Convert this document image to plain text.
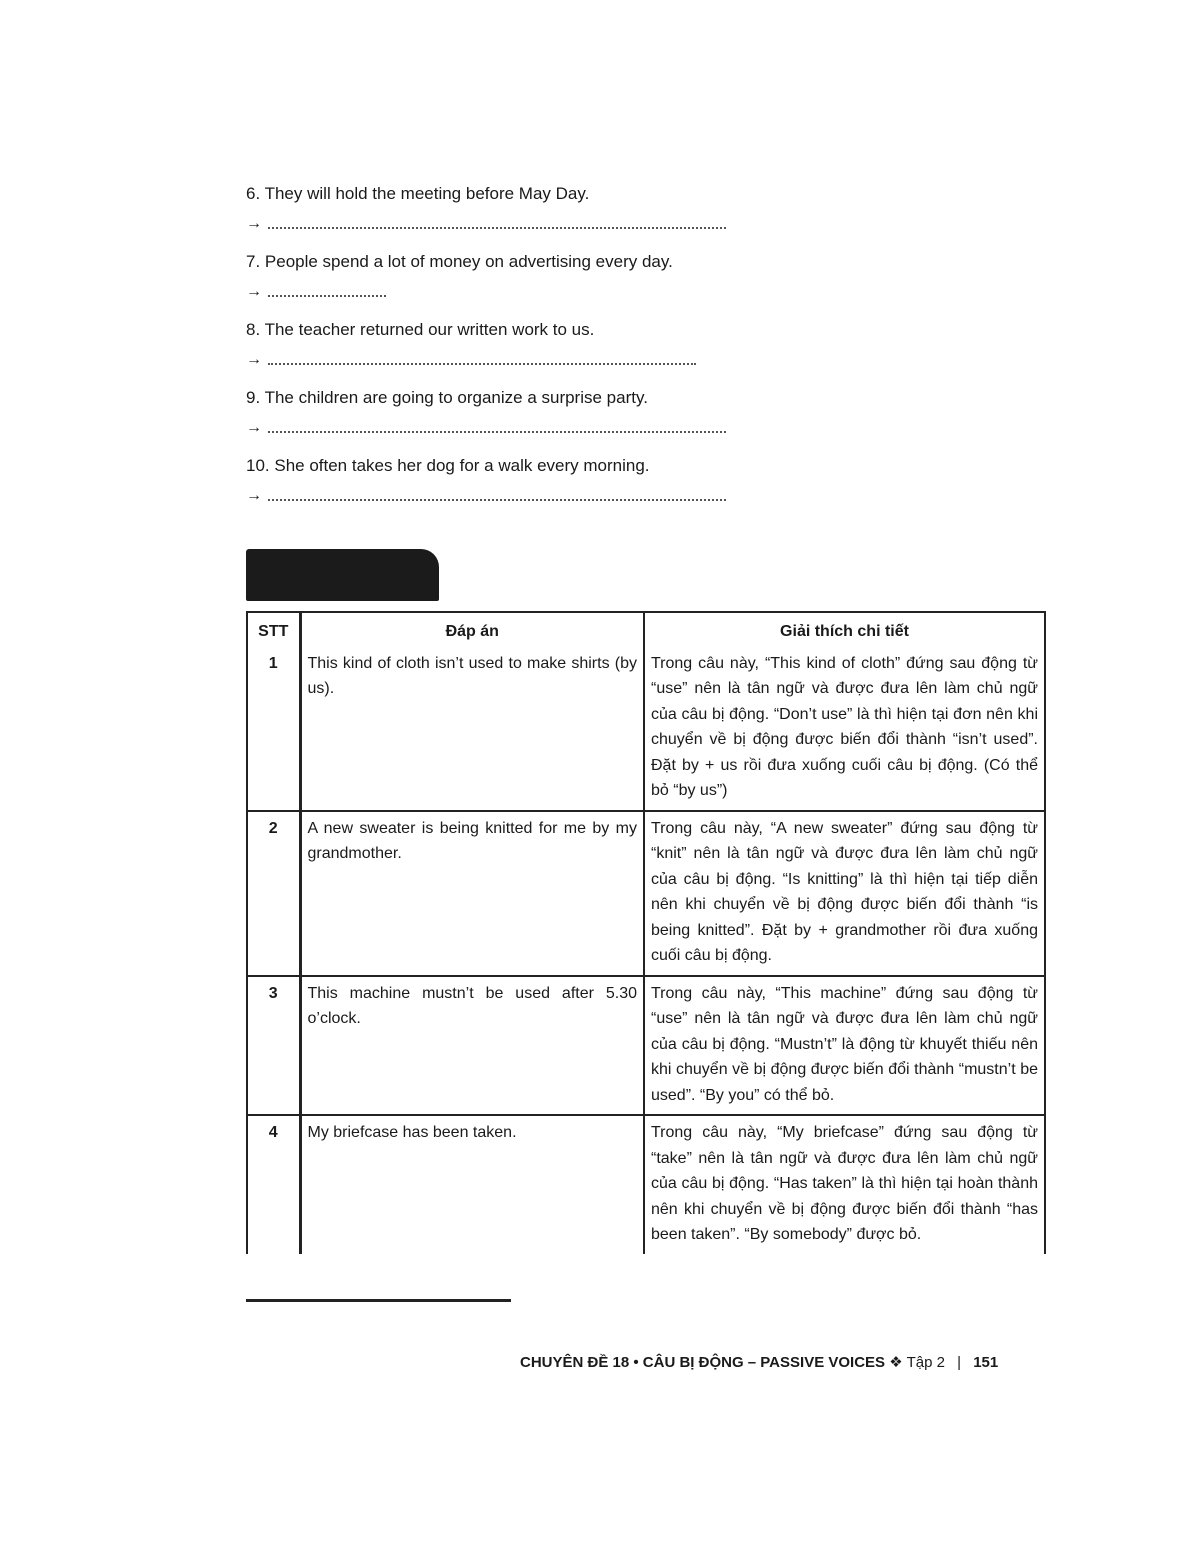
6. They will hold the meeting before May Day.
→
7. People spend a lot of money on advertising every day.
→
8. The teacher returned our written work to us.
→
9. The children are going to organize a surprise party.
→
10. She often takes her dog for a walk every morning.
→
STT	Đáp án	Giải thích chi tiết
1	This kind of cloth isn’t used to make shirts (by us).	Trong câu này, “This kind of cloth” đứng sau động từ “use” nên là tân ngữ và được đưa lên làm chủ ngữ của câu bị động. “Don’t use” là thì hiện tại đơn nên khi chuyển về bị động được biến đổi thành “isn’t used”. Đặt by + us rồi đưa xuống cuối câu bị động. (Có thể bỏ “by us”)
2	A new sweater is being knitted for me by my grandmother.	Trong câu này, “A new sweater” đứng sau động từ “knit” nên là tân ngữ và được đưa lên làm chủ ngữ của câu bị động. “Is knitting” là thì hiện tại tiếp diễn nên khi chuyển về bị động được biến đổi thành “is being knitted”. Đặt by + grandmother rồi đưa xuống cuối câu bị động.
3	This machine mustn’t be used after 5.30 o’clock.	Trong câu này, “This machine” đứng sau động từ “use” nên là tân ngữ và được đưa lên làm chủ ngữ của câu bị động. “Mustn’t” là động từ khuyết thiếu nên khi chuyển về bị động được biến đổi thành “mustn’t be used”. “By you” có thể bỏ.
4	My briefcase has been taken.	Trong câu này, “My briefcase” đứng sau động từ “take” nên là tân ngữ và được đưa lên làm chủ ngữ của câu bị động. “Has taken” là thì hiện tại hoàn thành nên khi chuyển về bị động được biến đổi thành “has been taken”. “By somebody” được bỏ.
CHUYÊN ĐỀ 18 • CÂU BỊ ĐỘNG – PASSIVE VOICES ❖ Tập 2 | 151
